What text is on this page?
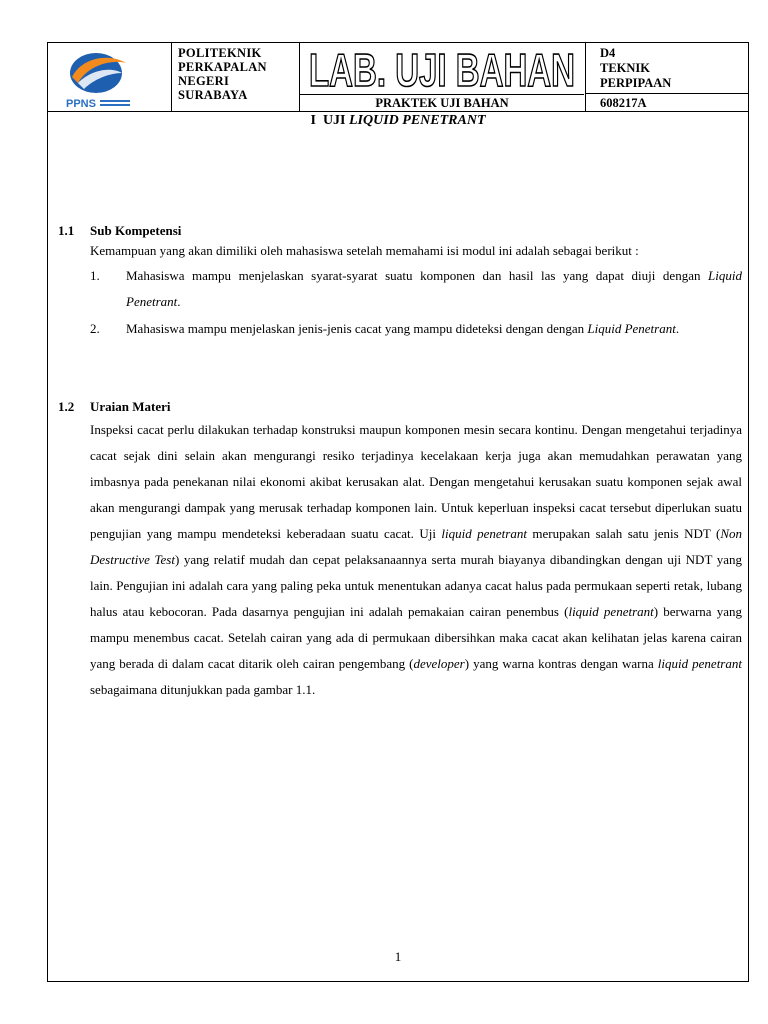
PPNS
POLITEKNIK
PERKAPALAN
NEGERI
SURABAYA	LAB. UJI BAHAN
PRAKTEK UJI BAHAN
D4
TEKNIK
PERPIPAAN
608217A
I UJI LIQUID PENETRANT
1.1 Sub Kompetensi
Kemampuan yang akan dimiliki oleh mahasiswa setelah memahami isi modul ini adalah sebagai berikut :
1. Mahasiswa mampu menjelaskan syarat-syarat suatu komponen dan hasil las yang dapat diuji dengan Liquid Penetrant.
2. Mahasiswa mampu menjelaskan jenis-jenis cacat yang mampu dideteksi dengan dengan Liquid Penetrant.
1.2 Uraian Materi
Inspeksi cacat perlu dilakukan terhadap konstruksi maupun komponen mesin secara kontinu. Dengan mengetahui terjadinya cacat sejak dini selain akan mengurangi resiko terjadinya kecelakaan kerja juga akan memudahkan perawatan yang imbasnya pada penekanan nilai ekonomi akibat kerusakan alat. Dengan mengetahui kerusakan suatu komponen sejak awal akan mengurangi dampak yang merusak terhadap komponen lain. Untuk keperluan inspeksi cacat tersebut diperlukan suatu pengujian yang mampu mendeteksi keberadaan suatu cacat. Uji liquid penetrant merupakan salah satu jenis NDT (Non Destructive Test) yang relatif mudah dan cepat pelaksanaannya serta murah biayanya dibandingkan dengan uji NDT yang lain. Pengujian ini adalah cara yang paling peka untuk menentukan adanya cacat halus pada permukaan seperti retak, lubang halus atau kebocoran. Pada dasarnya pengujian ini adalah pemakaian cairan penembus (liquid penetrant) berwarna yang mampu menembus cacat. Setelah cairan yang ada di permukaan dibersihkan maka cacat akan kelihatan jelas karena cairan yang berada di dalam cacat ditarik oleh cairan pengembang (developer) yang warna kontras dengan warna liquid penetrant sebagaimana ditunjukkan pada gambar 1.1.
1
